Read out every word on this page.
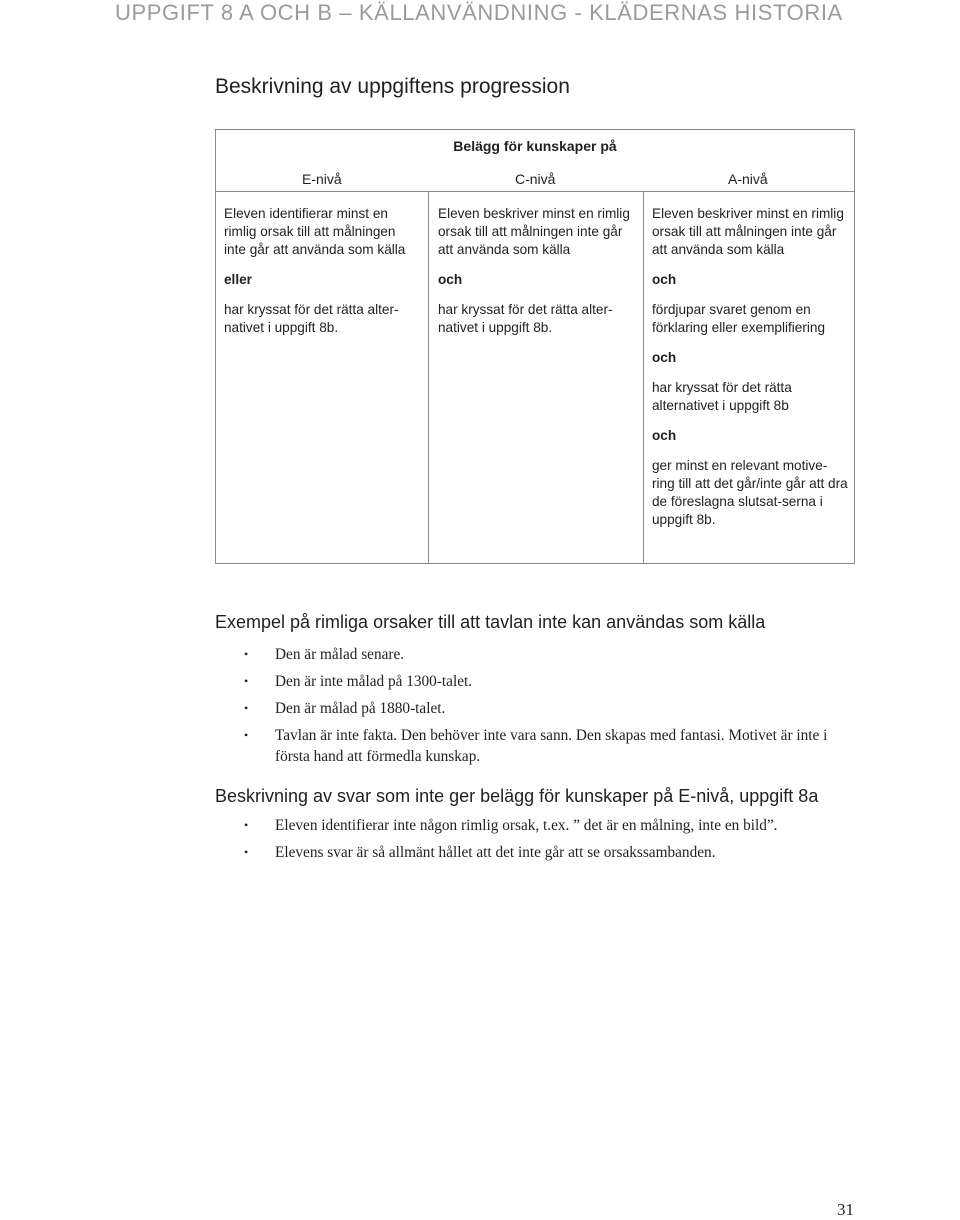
UPPGIFT 8 A OCH B – KÄLLANVÄNDNING - KLÄDERNAS HISTORIA
Beskrivning av uppgiftens progression
Belägg för kunskaper på
E-nivå	C-nivå	A-nivå

Eleven identifierar minst en rimlig orsak till att målningen inte går att använda som källa

eller

har kryssat för det rätta alter-nativet i uppgift 8b.

Eleven beskriver minst en rimlig orsak till att målningen inte går att använda som källa

och

har kryssat för det rätta alter-nativet i uppgift 8b.

Eleven beskriver minst en rimlig orsak till att målningen inte går att använda som källa

och

fördjupar svaret genom en förklaring eller exemplifiering

och

har kryssat för det rätta alternativet i uppgift 8b

och

ger minst en relevant motive-ring till att det går/inte går att dra de föreslagna slutsat-serna i uppgift 8b.

Exempel på rimliga orsaker till att tavlan inte kan användas som källa
• Den är målad senare.
• Den är inte målad på 1300-talet.
• Den är målad på 1880-talet.
• Tavlan är inte fakta. Den behöver inte vara sann. Den skapas med fantasi. Motivet är inte i första hand att förmedla kunskap.
Beskrivning av svar som inte ger belägg för kunskaper på E-nivå, uppgift 8a
• Eleven identifierar inte någon rimlig orsak, t.ex. ” det är en målning, inte en bild”.
• Elevens svar är så allmänt hållet att det inte går att se orsakssambanden.
31
